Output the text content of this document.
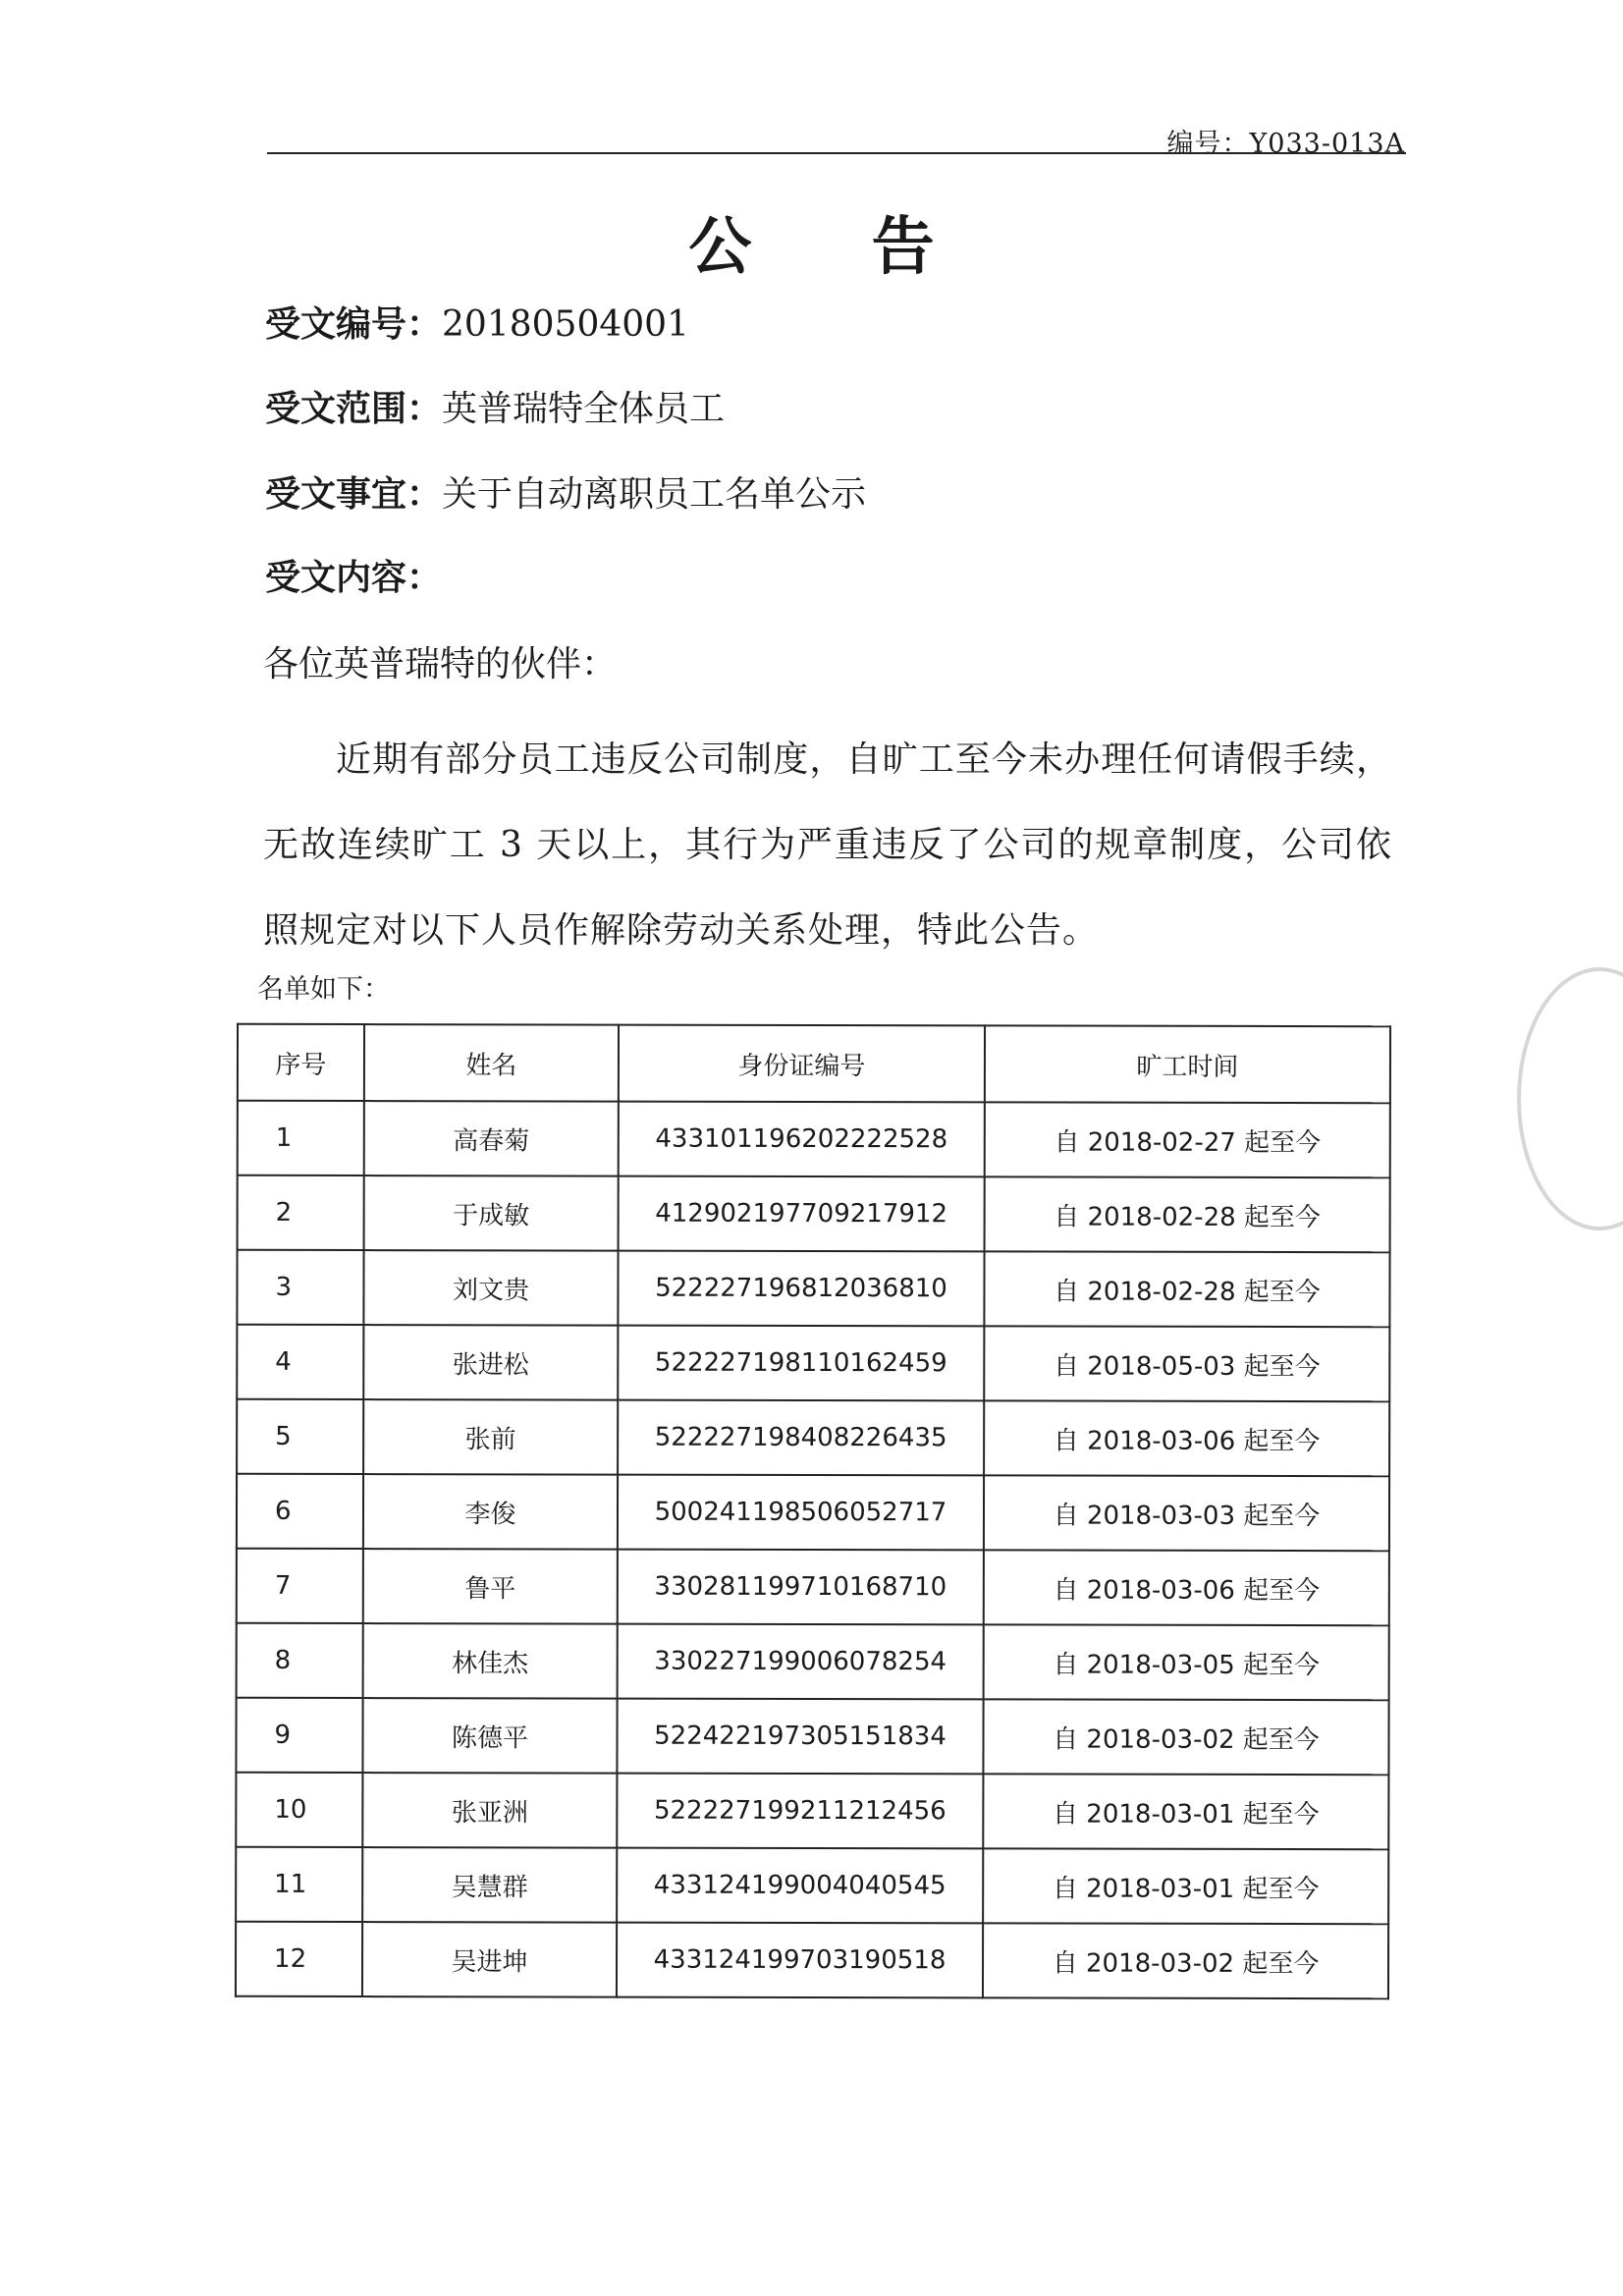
编号：Y033-013A
公 告
受文编号：20180504001
受文范围：英普瑞特全体员工
受文事宜：关于自动离职员工名单公示
受文内容：
各位英普瑞特的伙伴：
近期有部分员工违反公司制度，自旷工至今未办理任何请假手续，无故连续旷工 3 天以上，其行为严重违反了公司的规章制度，公司依照规定对以下人员作解除劳动关系处理，特此公告。
名单如下：
序号	姓名	身份证编号	旷工时间
1	高春菊	433101196202222528	自 2018-02-27 起至今
2	于成敏	412902197709217912	自 2018-02-28 起至今
3	刘文贵	522227196812036810	自 2018-02-28 起至今
4	张进松	522227198110162459	自 2018-05-03 起至今
5	张前	522227198408226435	自 2018-03-06 起至今
6	李俊	500241198506052717	自 2018-03-03 起至今
7	鲁平	330281199710168710	自 2018-03-06 起至今
8	林佳杰	330227199006078254	自 2018-03-05 起至今
9	陈德平	522422197305151834	自 2018-03-02 起至今
10	张亚洲	522227199211212456	自 2018-03-01 起至今
11	吴慧群	433124199004040545	自 2018-03-01 起至今
12	吴进坤	433124199703190518	自 2018-03-02 起至今
